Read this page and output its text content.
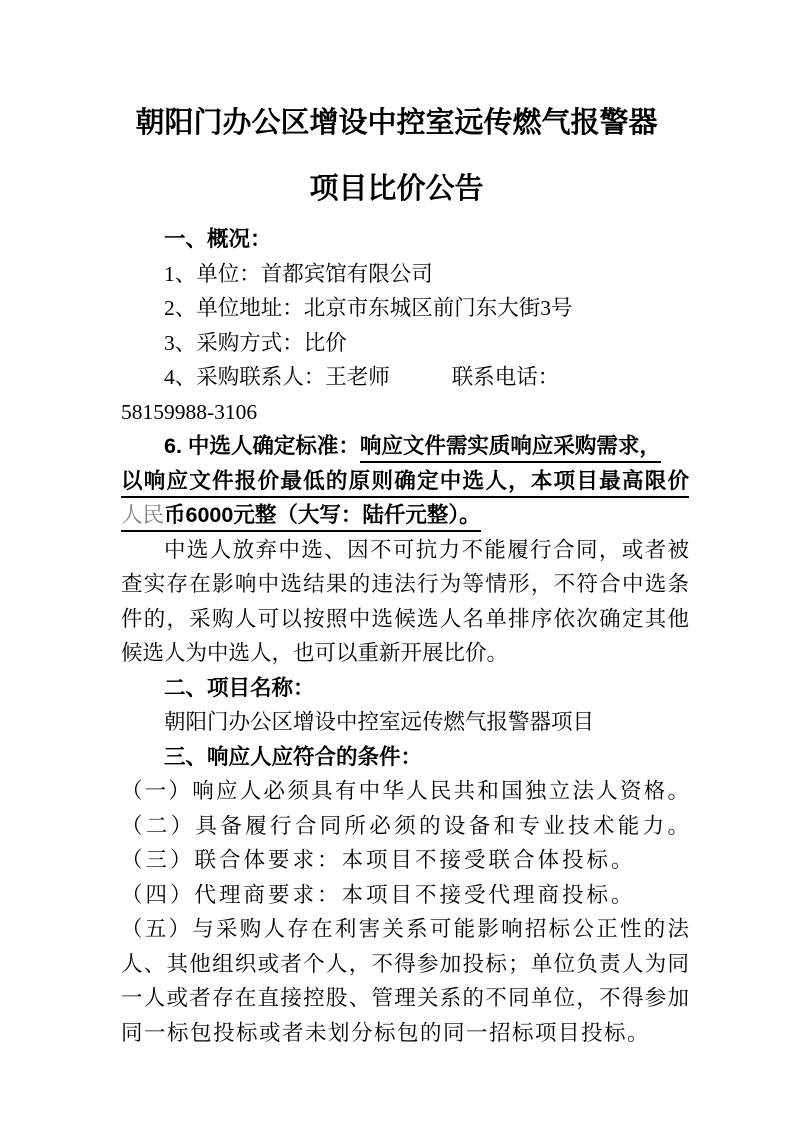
朝阳门办公区增设中控室远传燃气报警器
项目比价公告
一、概况：
1、单位：首都宾馆有限公司
2、单位地址：北京市东城区前门东大街3号
3、采购方式：比价
4、采购联系人：王老师	联系电话：
58159988-3106
6. 中选人确定标准：响应文件需实质响应采购需求，
以响应文件报价最低的原则确定中选人，本项目最高限价
人民币6000元整（大写：陆仟元整）。
中选人放弃中选、因不可抗力不能履行合同，或者被
查实存在影响中选结果的违法行为等情形，不符合中选条
件的，采购人可以按照中选候选人名单排序依次确定其他
候选人为中选人，也可以重新开展比价。
二、项目名称：
朝阳门办公区增设中控室远传燃气报警器项目
三、响应人应符合的条件：
（一）响应人必须具有中华人民共和国独立法人资格。
（二）具备履行合同所必须的设备和专业技术能力。
（三）联合体要求：本项目不接受联合体投标。
（四）代理商要求：本项目不接受代理商投标。
（五）与采购人存在利害关系可能影响招标公正性的法
人、其他组织或者个人，不得参加投标；单位负责人为同
一人或者存在直接控股、管理关系的不同单位，不得参加
同一标包投标或者未划分标包的同一招标项目投标。
